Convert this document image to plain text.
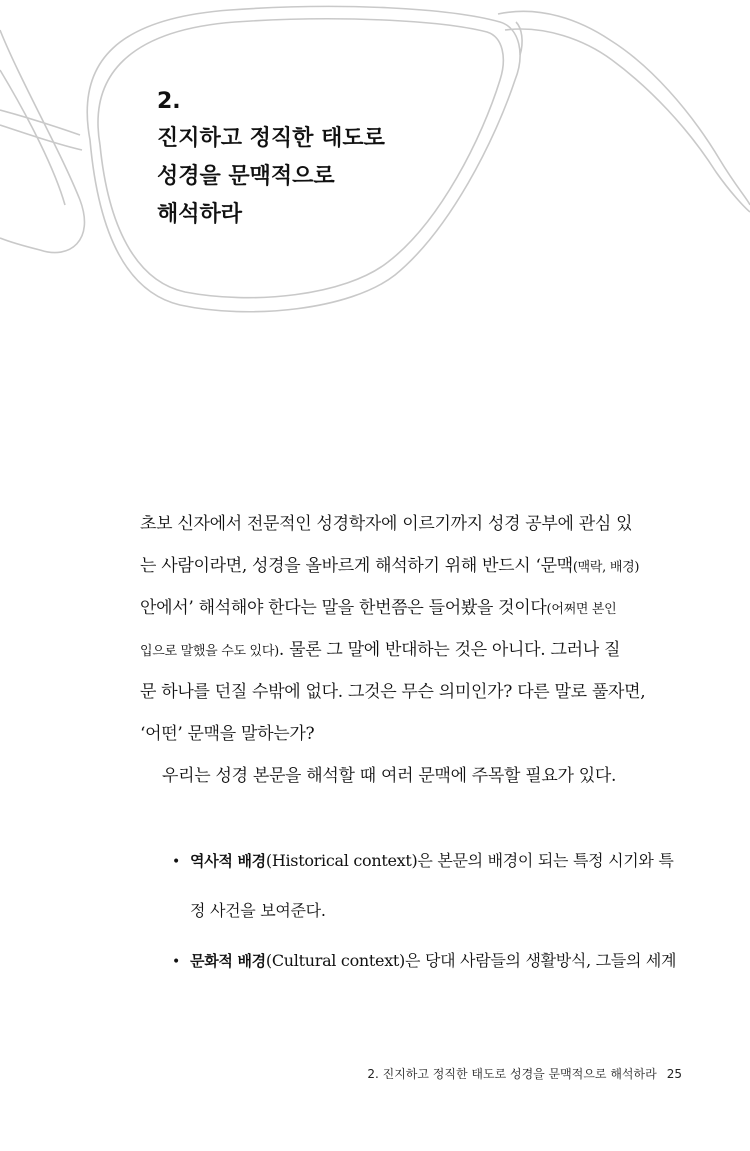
2.
진지하고 정직한 태도로
성경을 문맥적으로
해석하라
초보 신자에서 전문적인 성경학자에 이르기까지 성경 공부에 관심 있
는 사람이라면, 성경을 올바르게 해석하기 위해 반드시 ‘문맥(맥락, 배경)
안에서’ 해석해야 한다는 말을 한번쯤은 들어봤을 것이다(어쩌면 본인
입으로 말했을 수도 있다). 물론 그 말에 반대하는 것은 아니다. 그러나 질
문 하나를 던질 수밖에 없다. 그것은 무슨 의미인가? 다른 말로 풀자면,
‘어떤’ 문맥을 말하는가?
우리는 성경 본문을 해석할 때 여러 문맥에 주목할 필요가 있다.
• 역사적 배경(Historical context)은 본문의 배경이 되는 특정 시기와 특
정 사건을 보여준다.
• 문화적 배경(Cultural context)은 당대 사람들의 생활방식, 그들의 세계
2. 진지하고 정직한 태도로 성경을 문맥적으로 해석하라 25
